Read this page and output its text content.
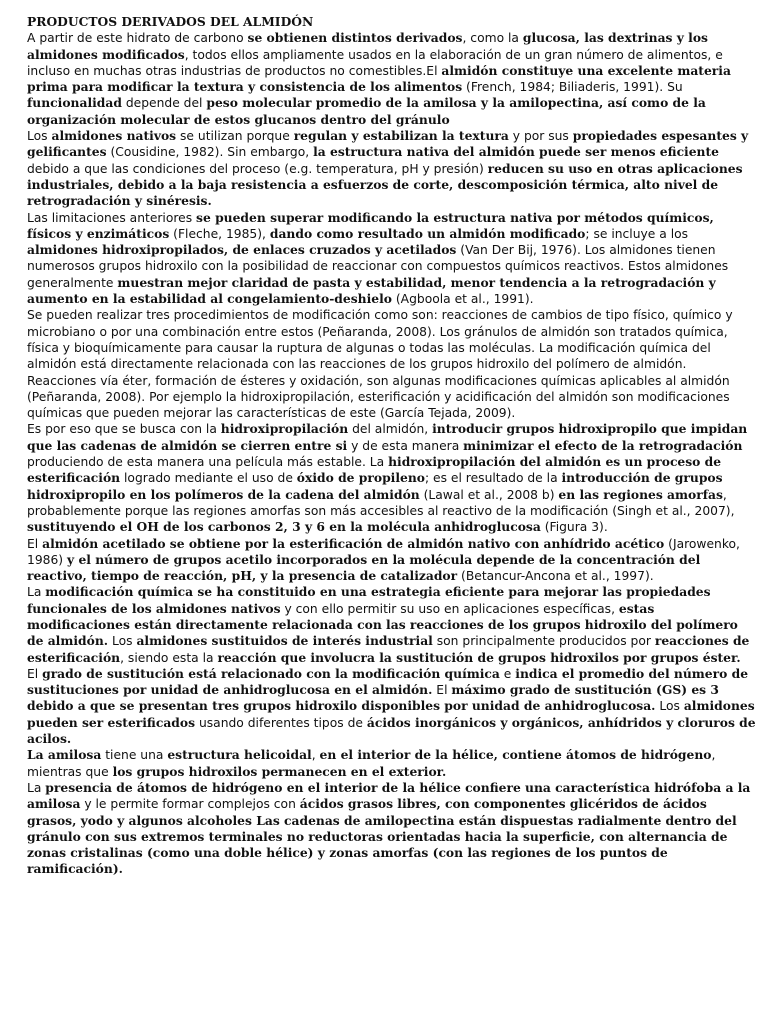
PRODUCTOS DERIVADOS DEL ALMIDÓN

A partir de este hidrato de carbono se obtienen distintos derivados, como la glucosa, las dextrinas y los almidones modificados, todos ellos ampliamente usados en la elaboración de un gran número de alimentos, e incluso en muchas otras industrias de productos no comestibles.El almidón constituye una excelente materia prima para modificar la textura y consistencia de los alimentos (French, 1984; Biliaderis, 1991). Su funcionalidad depende del peso molecular promedio de la amilosa y la amilopectina, así como de la organización molecular de estos glucanos dentro del gránulo

Los almidones nativos se utilizan porque regulan y estabilizan la textura y por sus propiedades espesantes y gelificantes (Cousidine, 1982). Sin embargo, la estructura nativa del almidón puede ser menos eficiente debido a que las condiciones del proceso (e.g. temperatura, pH y presión) reducen su uso en otras aplicaciones industriales, debido a la baja resistencia a esfuerzos de corte, descomposición térmica, alto nivel de retrogradación y sinéresis.

Las limitaciones anteriores se pueden superar modificando la estructura nativa por métodos químicos, físicos y enzimáticos (Fleche, 1985), dando como resultado un almidón modificado; se incluye a los almidones hidroxipropilados, de enlaces cruzados y acetilados (Van Der Bij, 1976). Los almidones tienen numerosos grupos hidroxilo con la posibilidad de reaccionar con compuestos químicos reactivos. Estos almidones generalmente muestran mejor claridad de pasta y estabilidad, menor tendencia a la retrogradación y aumento en la estabilidad al congelamiento-deshielo (Agboola et al., 1991).

Se pueden realizar tres procedimientos de modificación como son: reacciones de cambios de tipo físico, químico y microbiano o por una combinación entre estos (Peñaranda, 2008). Los gránulos de almidón son tratados química, física y bioquímicamente para causar la ruptura de algunas o todas las moléculas. La modificación química del almidón está directamente relacionada con las reacciones de los grupos hidroxilo del polímero de almidón. Reacciones vía éter, formación de ésteres y oxidación, son algunas modificaciones químicas aplicables al almidón (Peñaranda, 2008). Por ejemplo la hidroxipropilación, esterificación y acidificación del almidón son modificaciones químicas que pueden mejorar las características de este (García Tejada, 2009).

Es por eso que se busca con la hidroxipropilación del almidón, introducir grupos hidroxipropilo que impidan que las cadenas de almidón se cierren entre si y de esta manera minimizar el efecto de la retrogradación produciendo de esta manera una película más estable. La hidroxipropilación del almidón es un proceso de esterificación logrado mediante el uso de óxido de propileno; es el resultado de la introducción de grupos hidroxipropilo en los polímeros de la cadena del almidón (Lawal et al., 2008 b) en las regiones amorfas, probablemente porque las regiones amorfas son más accesibles al reactivo de la modificación (Singh et al., 2007), sustituyendo el OH de los carbonos 2, 3 y 6 en la molécula anhidroglucosa (Figura 3).

El almidón acetilado se obtiene por la esterificación de almidón nativo con anhídrido acético (Jarowenko, 1986) y el número de grupos acetilo incorporados en la molécula depende de la concentración del reactivo, tiempo de reacción, pH, y la presencia de catalizador (Betancur-Ancona et al., 1997).

La modificación química se ha constituido en una estrategia eficiente para mejorar las propiedades funcionales de los almidones nativos y con ello permitir su uso en aplicaciones específicas, estas modificaciones están directamente relacionada con las reacciones de los grupos hidroxilo del polímero de almidón. Los almidones sustituidos de interés industrial son principalmente producidos por reacciones de esterificación, siendo esta la reacción que involucra la sustitución de grupos hidroxilos por grupos éster.

El grado de sustitución está relacionado con la modificación química e indica el promedio del número de sustituciones por unidad de anhidroglucosa en el almidón. El máximo grado de sustitución (GS) es 3 debido a que se presentan tres grupos hidroxilo disponibles por unidad de anhidroglucosa. Los almidones pueden ser esterificados usando diferentes tipos de ácidos inorgánicos y orgánicos, anhídridos y cloruros de acilos.

La amilosa tiene una estructura helicoidal, en el interior de la hélice, contiene átomos de hidrógeno, mientras que los grupos hidroxilos permanecen en el exterior.

La presencia de átomos de hidrógeno en el interior de la hélice confiere una característica hidrófoba a la amilosa y le permite formar complejos con ácidos grasos libres, con componentes glicéridos de ácidos grasos, yodo y algunos alcoholes Las cadenas de amilopectina están dispuestas radialmente dentro del gránulo con sus extremos terminales no reductoras orientadas hacia la superficie, con alternancia de zonas cristalinas (como una doble hélice) y zonas amorfas (con las regiones de los puntos de ramificación).
